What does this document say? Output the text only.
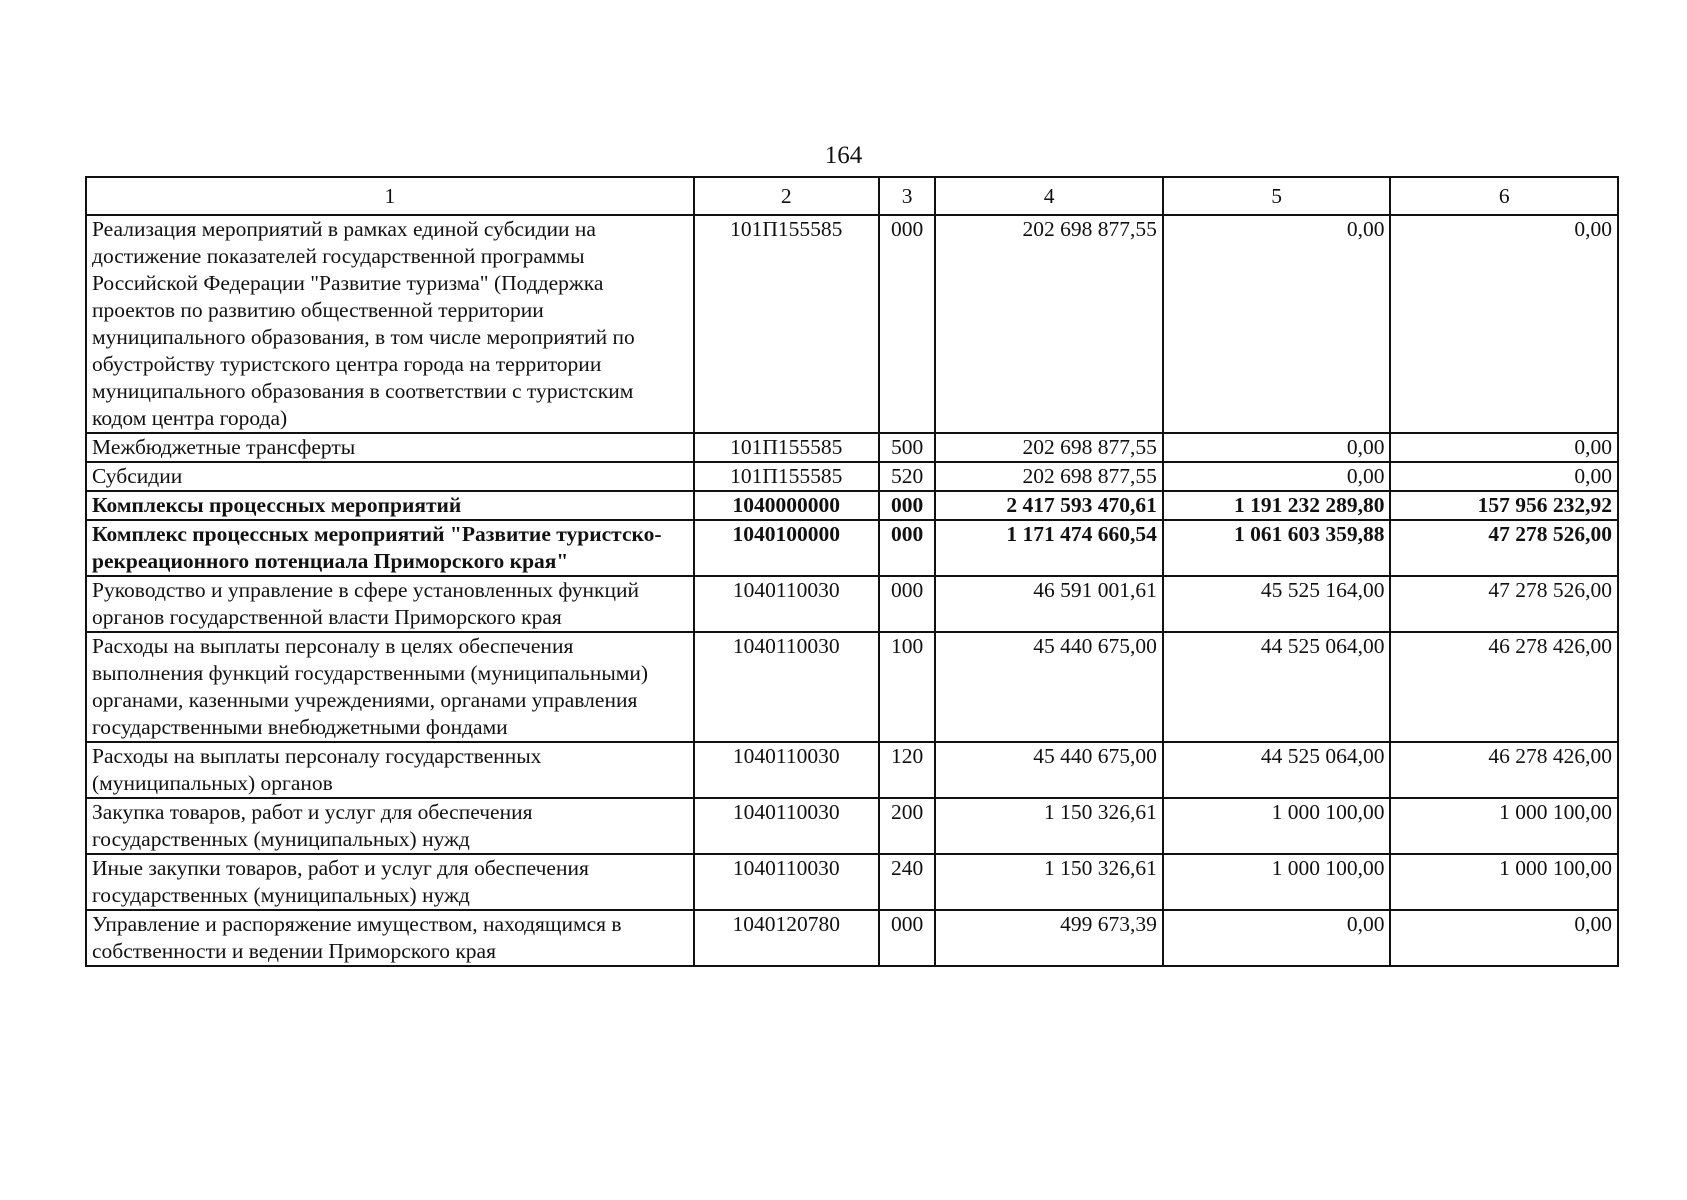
164
1	2	3	4	5	6
Реализация мероприятий в рамках единой субсидии на достижение показателей государственной программы Российской Федерации "Развитие туризма" (Поддержка проектов по развитию общественной территории муниципального образования, в том числе мероприятий по обустройству туристского центра города на территории муниципального образования в соответствии с туристским кодом центра города)	101П155585	000	202 698 877,55	0,00	0,00
Межбюджетные трансферты	101П155585	500	202 698 877,55	0,00	0,00
Субсидии	101П155585	520	202 698 877,55	0,00	0,00
Комплексы процессных мероприятий	1040000000	000	2 417 593 470,61	1 191 232 289,80	157 956 232,92
Комплекс процессных мероприятий "Развитие туристско-рекреационного потенциала Приморского края"	1040100000	000	1 171 474 660,54	1 061 603 359,88	47 278 526,00
Руководство и управление в сфере установленных функций органов государственной власти Приморского края	1040110030	000	46 591 001,61	45 525 164,00	47 278 526,00
Расходы на выплаты персоналу в целях обеспечения выполнения функций государственными (муниципальными) органами, казенными учреждениями, органами управления государственными внебюджетными фондами	1040110030	100	45 440 675,00	44 525 064,00	46 278 426,00
Расходы на выплаты персоналу государственных (муниципальных) органов	1040110030	120	45 440 675,00	44 525 064,00	46 278 426,00
Закупка товаров, работ и услуг для обеспечения государственных (муниципальных) нужд	1040110030	200	1 150 326,61	1 000 100,00	1 000 100,00
Иные закупки товаров, работ и услуг для обеспечения государственных (муниципальных) нужд	1040110030	240	1 150 326,61	1 000 100,00	1 000 100,00
Управление и распоряжение имуществом, находящимся в собственности и ведении Приморского края	1040120780	000	499 673,39	0,00	0,00
